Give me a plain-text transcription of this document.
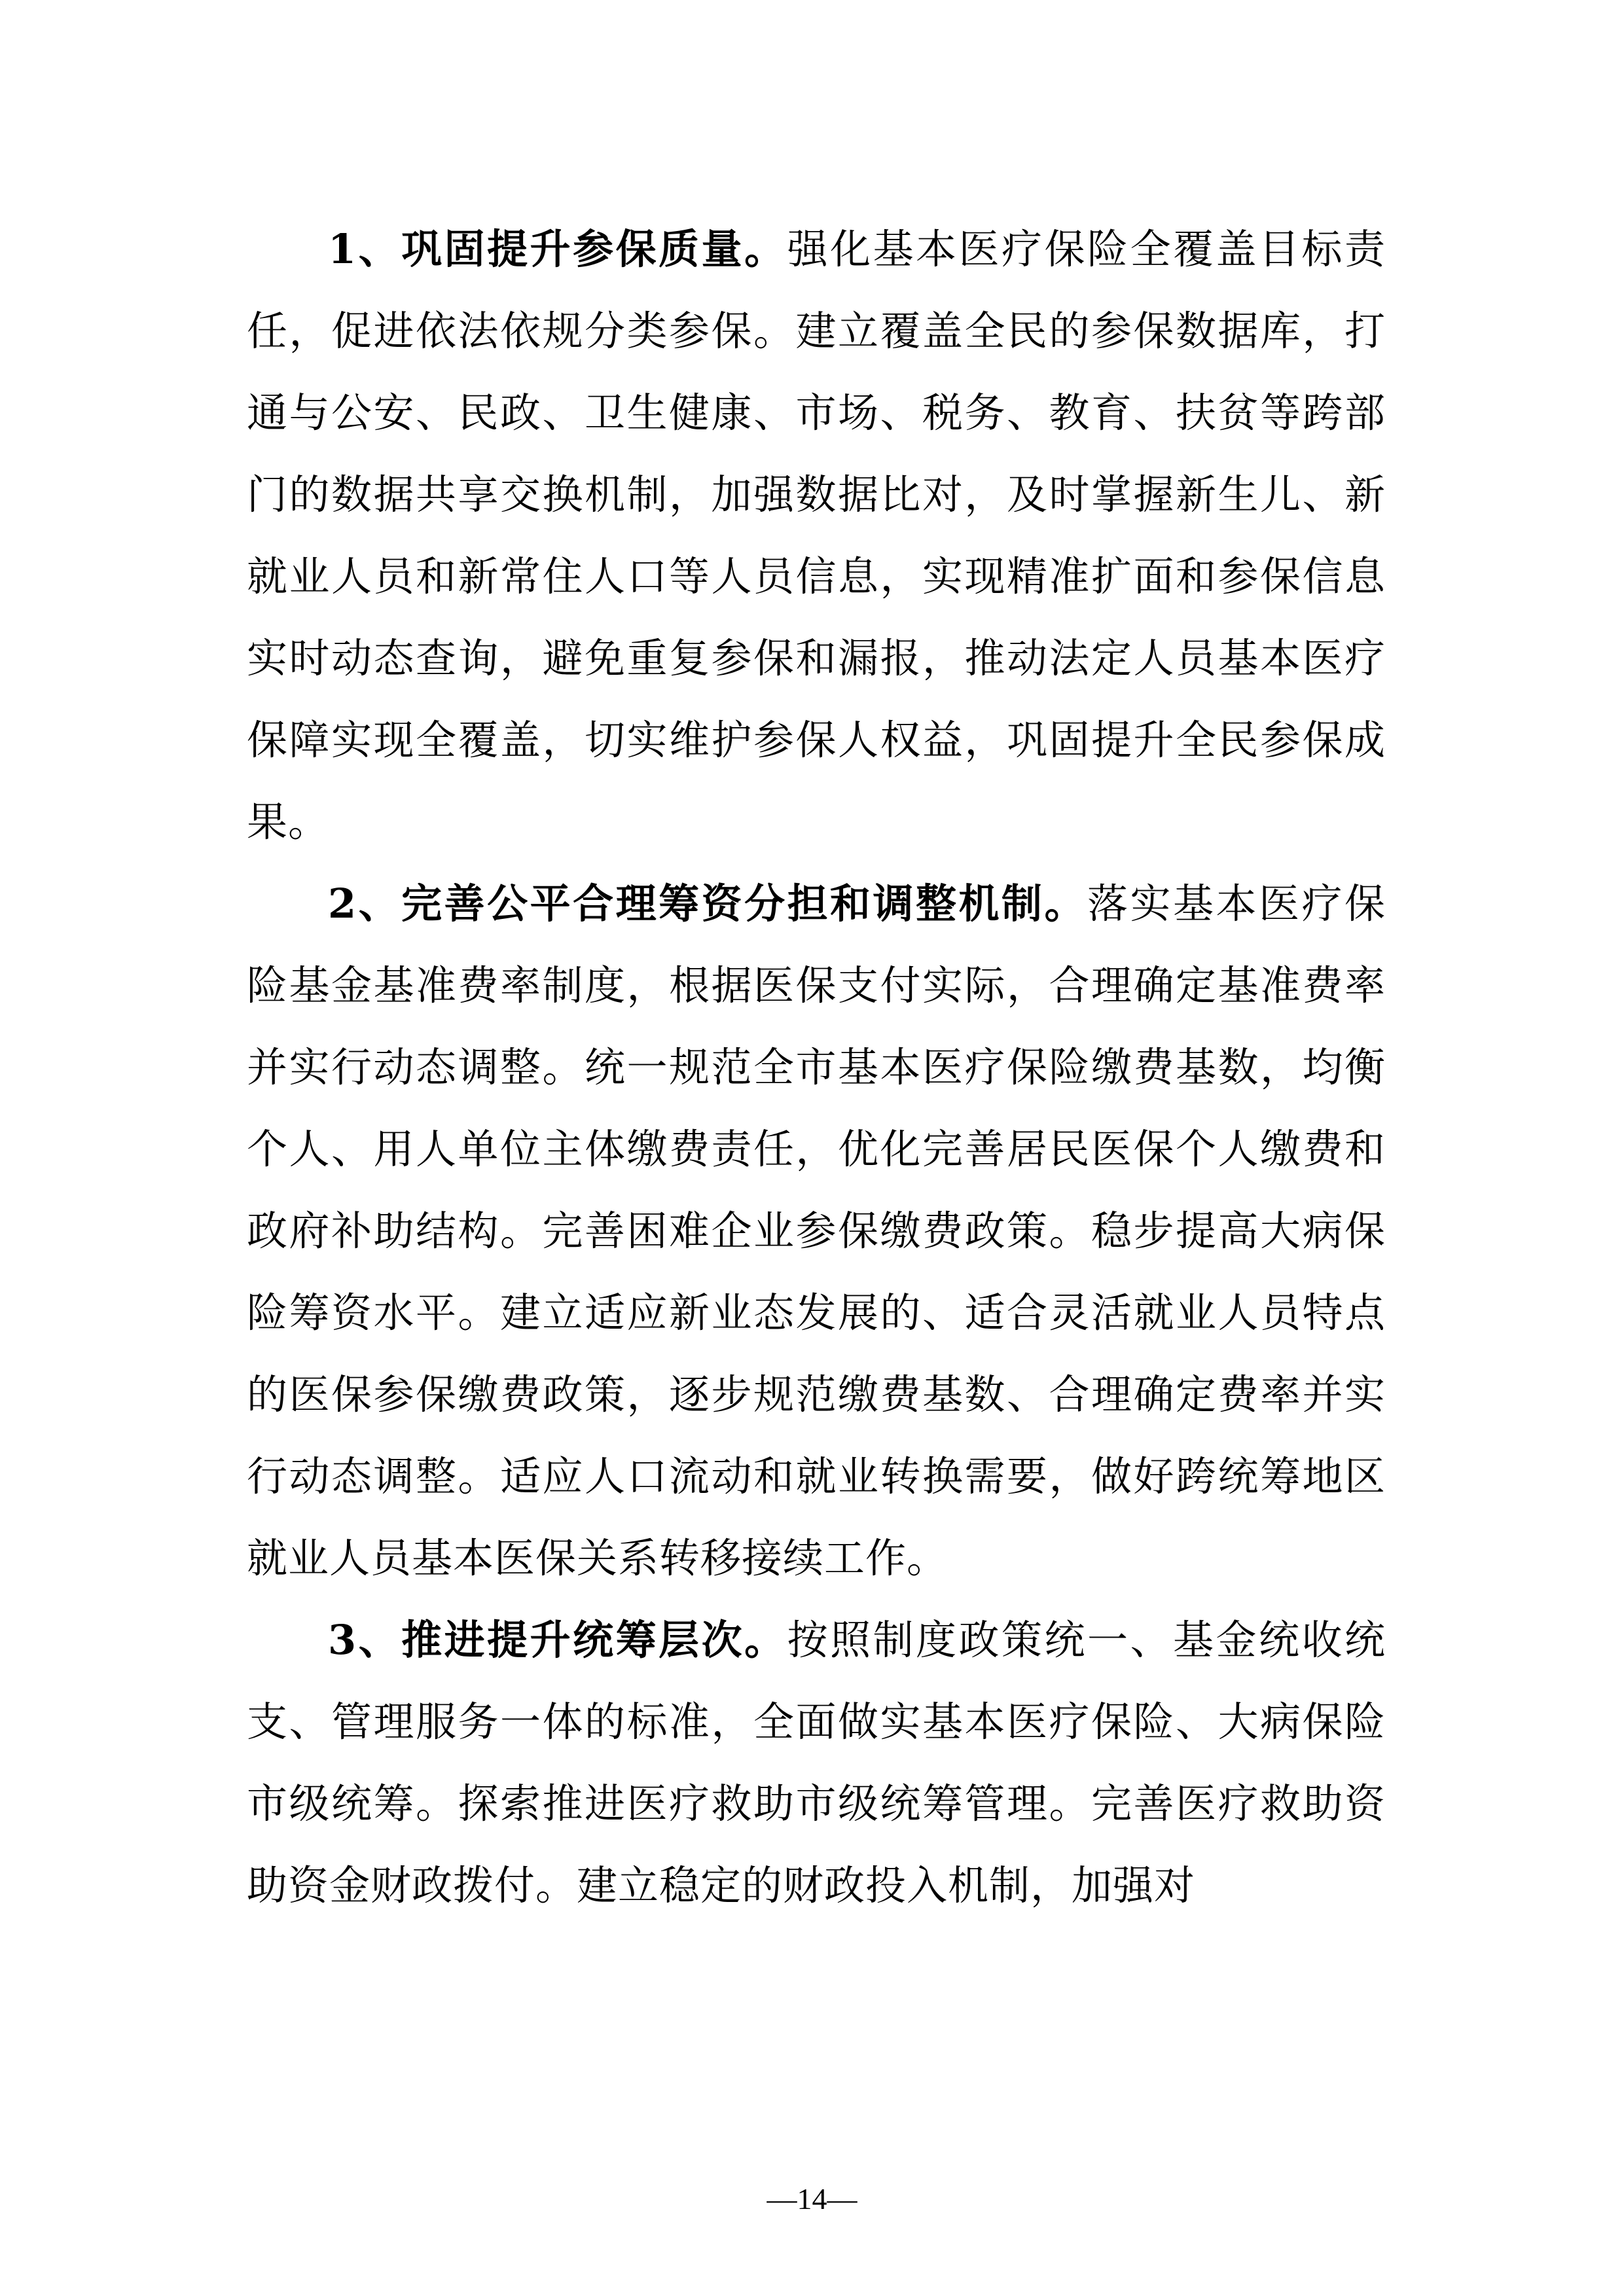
1、巩固提升参保质量。强化基本医疗保险全覆盖目标责任，促进依法依规分类参保。建立覆盖全民的参保数据库，打通与公安、民政、卫生健康、市场、税务、教育、扶贫等跨部门的数据共享交换机制，加强数据比对，及时掌握新生儿、新就业人员和新常住人口等人员信息，实现精准扩面和参保信息实时动态查询，避免重复参保和漏报，推动法定人员基本医疗保障实现全覆盖，切实维护参保人权益，巩固提升全民参保成果。

2、完善公平合理筹资分担和调整机制。落实基本医疗保险基金基准费率制度，根据医保支付实际，合理确定基准费率并实行动态调整。统一规范全市基本医疗保险缴费基数，均衡个人、用人单位主体缴费责任，优化完善居民医保个人缴费和政府补助结构。完善困难企业参保缴费政策。稳步提高大病保险筹资水平。建立适应新业态发展的、适合灵活就业人员特点的医保参保缴费政策，逐步规范缴费基数、合理确定费率并实行动态调整。适应人口流动和就业转换需要，做好跨统筹地区就业人员基本医保关系转移接续工作。

3、推进提升统筹层次。按照制度政策统一、基金统收统支、管理服务一体的标准，全面做实基本医疗保险、大病保险市级统筹。探索推进医疗救助市级统筹管理。完善医疗救助资助资金财政拨付。建立稳定的财政投入机制，加强对

—14—
